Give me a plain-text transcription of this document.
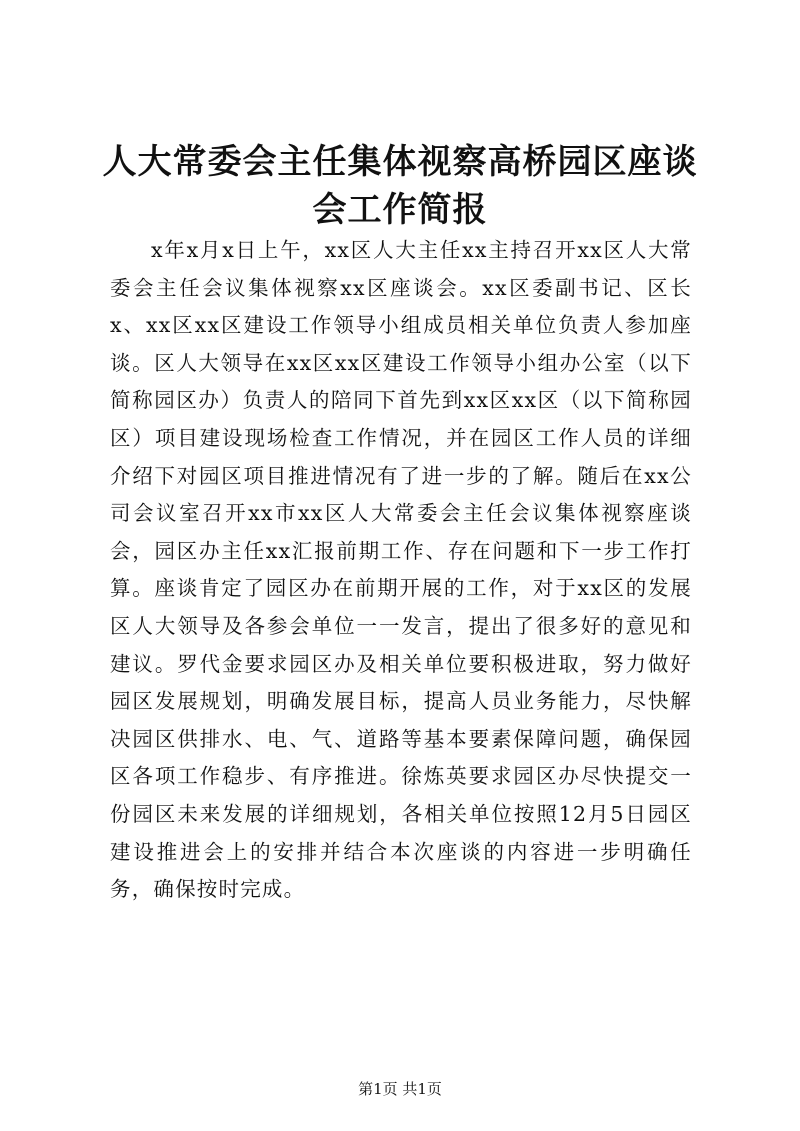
人大常委会主任集体视察高桥园区座谈会工作简报

x年x月x日上午，xx区人大主任xx主持召开xx区人大常委会主任会议集体视察xx区座谈会。xx区委副书记、区长x、xx区xx区建设工作领导小组成员相关单位负责人参加座谈。区人大领导在xx区xx区建设工作领导小组办公室（以下简称园区办）负责人的陪同下首先到xx区xx区（以下简称园区）项目建设现场检查工作情况，并在园区工作人员的详细介绍下对园区项目推进情况有了进一步的了解。随后在xx公司会议室召开xx市xx区人大常委会主任会议集体视察座谈会，园区办主任xx汇报前期工作、存在问题和下一步工作打算。座谈肯定了园区办在前期开展的工作，对于xx区的发展区人大领导及各参会单位一一发言，提出了很多好的意见和建议。罗代金要求园区办及相关单位要积极进取，努力做好园区发展规划，明确发展目标，提高人员业务能力，尽快解决园区供排水、电、气、道路等基本要素保障问题，确保园区各项工作稳步、有序推进。徐炼英要求园区办尽快提交一份园区未来发展的详细规划，各相关单位按照12月5日园区建设推进会上的安排并结合本次座谈的内容进一步明确任务，确保按时完成。

第1页 共1页
